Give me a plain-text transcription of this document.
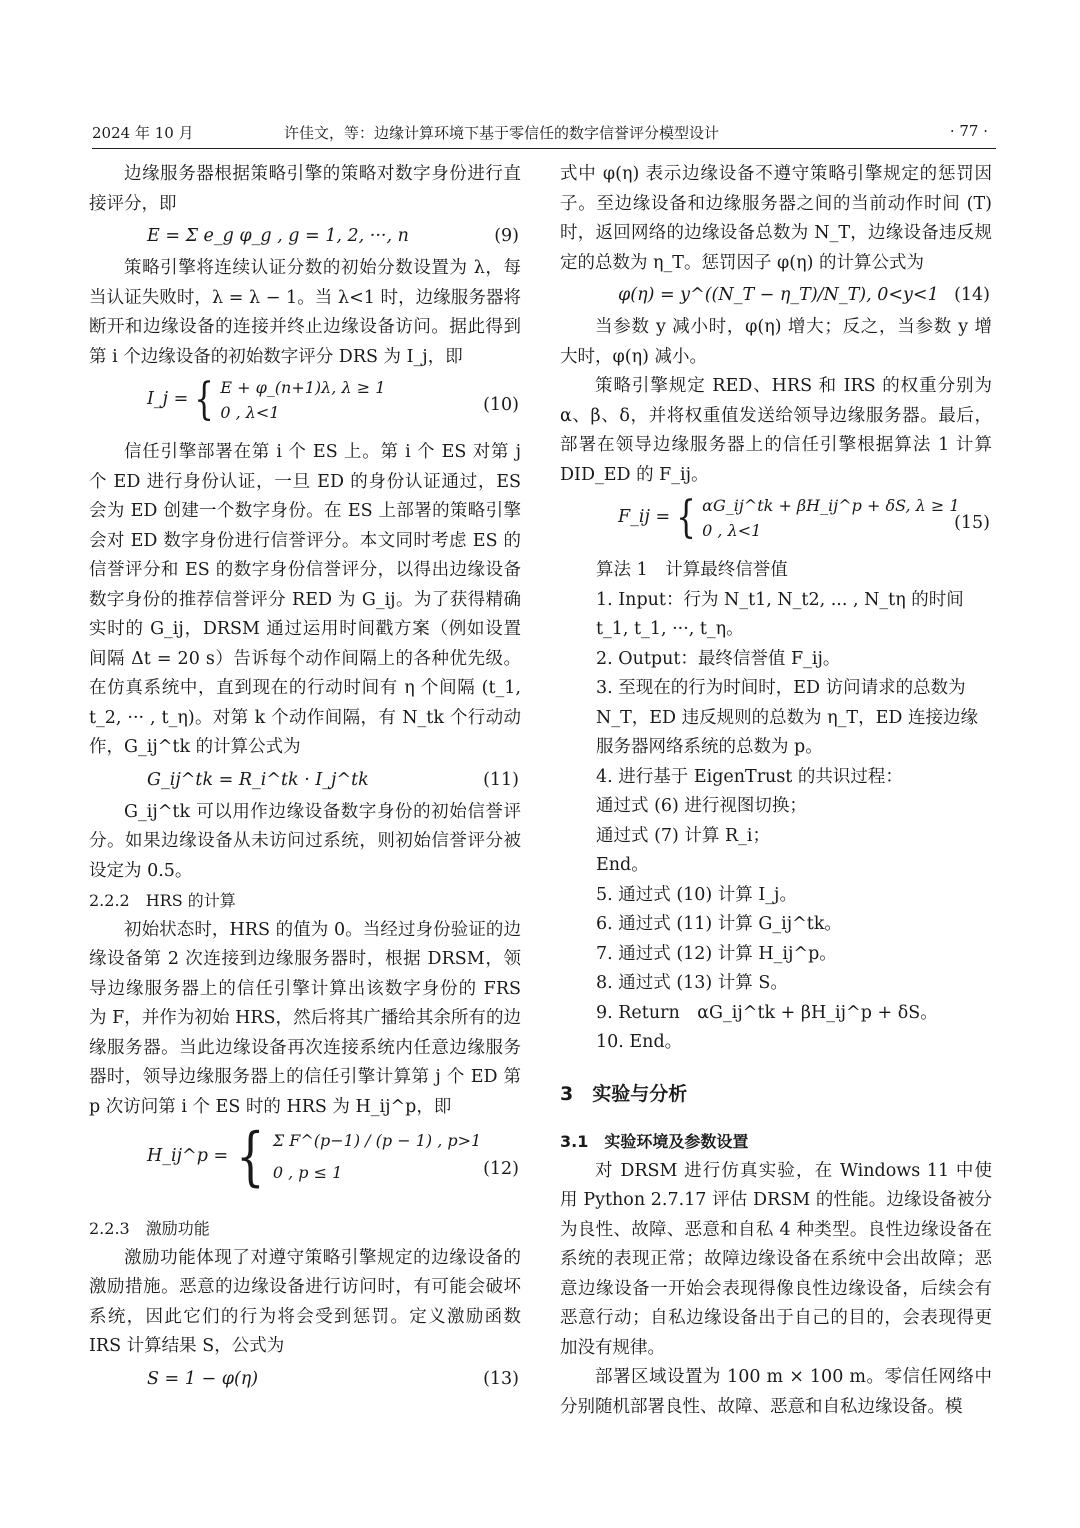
2024 年 10 月	许佳文，等：边缘计算环境下基于零信任的数字信誉评分模型设计	· 77 ·

边缘服务器根据策略引擎的策略对数字身份进行直接评分，即

E = Σ e_g φ_g , g = 1, 2, ···, n	(9)

策略引擎将连续认证分数的初始分数设置为 λ，每当认证失败时，λ = λ − 1。当 λ<1 时，边缘服务器将断开和边缘设备的连接并终止边缘设备访问。据此得到第 i 个边缘设备的初始数字评分 DRS 为 I_j，即

I_j = { E + φ_(n+1)λ, λ ≥ 1
0 , λ<1	(10)

信任引擎部署在第 i 个 ES 上。第 i 个 ES 对第 j 个 ED 进行身份认证，一旦 ED 的身份认证通过，ES 会为 ED 创建一个数字身份。在 ES 上部署的策略引擎会对 ED 数字身份进行信誉评分。本文同时考虑 ES 的信誉评分和 ES 的数字身份信誉评分，以得出边缘设备数字身份的推荐信誉评分 RED 为 G_ij。为了获得精确实时的 G_ij，DRSM 通过运用时间戳方案（例如设置间隔 Δt = 20 s）告诉每个动作间隔上的各种优先级。在仿真系统中，直到现在的行动时间有 η 个间隔 (t_1, t_2, ··· , t_η)。对第 k 个动作间隔，有 N_tk 个行动动作，G_ij^tk 的计算公式为

G_ij^tk = R_i^tk · I_j^tk	(11)

G_ij^tk 可以用作边缘设备数字身份的初始信誉评分。如果边缘设备从未访问过系统，则初始信誉评分被设定为 0.5。

2.2.2　HRS 的计算

初始状态时，HRS 的值为 0。当经过身份验证的边缘设备第 2 次连接到边缘服务器时，根据 DRSM，领导边缘服务器上的信任引擎计算出该数字身份的 FRS 为 F，并作为初始 HRS，然后将其广播给其余所有的边缘服务器。当此边缘设备再次连接系统内任意边缘服务器时，领导边缘服务器上的信任引擎计算第 j 个 ED 第 p 次访问第 i 个 ES 时的 HRS 为 H_ij^p，即

H_ij^p = { Σ F^(p−1) / (p − 1) , p>1
0 , p ≤ 1	(12)

2.2.3　激励功能

激励功能体现了对遵守策略引擎规定的边缘设备的激励措施。恶意的边缘设备进行访问时，有可能会破坏系统，因此它们的行为将会受到惩罚。定义激励函数 IRS 计算结果 S，公式为

S = 1 − φ(η)	(13)

式中 φ(η) 表示边缘设备不遵守策略引擎规定的惩罚因子。至边缘设备和边缘服务器之间的当前动作时间 (T) 时，返回网络的边缘设备总数为 N_T，边缘设备违反规定的总数为 η_T。惩罚因子 φ(η) 的计算公式为

φ(η) = y^((N_T − η_T)/N_T), 0<y<1 (14)

当参数 y 减小时，φ(η) 增大；反之，当参数 y 增大时，φ(η) 减小。

策略引擎规定 RED、HRS 和 IRS 的权重分别为 α、β、δ，并将权重值发送给领导边缘服务器。最后，部署在领导边缘服务器上的信任引擎根据算法 1 计算 DID_ED 的 F_ij。

F_ij = { αG_ij^tk + βH_ij^p + δS, λ ≥ 1
0 , λ<1	(15)

算法 1　计算最终信誉值

1. Input：行为 N_t1, N_t2, ... , N_tη 的时间 t_1, t_1, ···, t_η。

2. Output：最终信誉值 F_ij。

3. 至现在的行为时间时，ED 访问请求的总数为 N_T，ED 违反规则的总数为 η_T，ED 连接边缘服务器网络系统的总数为 p。

4. 进行基于 EigenTrust 的共识过程：

通过式 (6) 进行视图切换；

通过式 (7) 计算 R_i；

End。

5. 通过式 (10) 计算 I_j。

6. 通过式 (11) 计算 G_ij^tk。

7. 通过式 (12) 计算 H_ij^p。

8. 通过式 (13) 计算 S。

9. Return　αG_ij^tk + βH_ij^p + δS。

10. End。

3　实验与分析

3.1　实验环境及参数设置

对 DRSM 进行仿真实验，在 Windows 11 中使用 Python 2.7.17 评估 DRSM 的性能。边缘设备被分为良性、故障、恶意和自私 4 种类型。良性边缘设备在系统的表现正常；故障边缘设备在系统中会出故障；恶意边缘设备一开始会表现得像良性边缘设备，后续会有恶意行动；自私边缘设备出于自己的目的，会表现得更加没有规律。

部署区域设置为 100 m × 100 m。零信任网络中分别随机部署良性、故障、恶意和自私边缘设备。模
